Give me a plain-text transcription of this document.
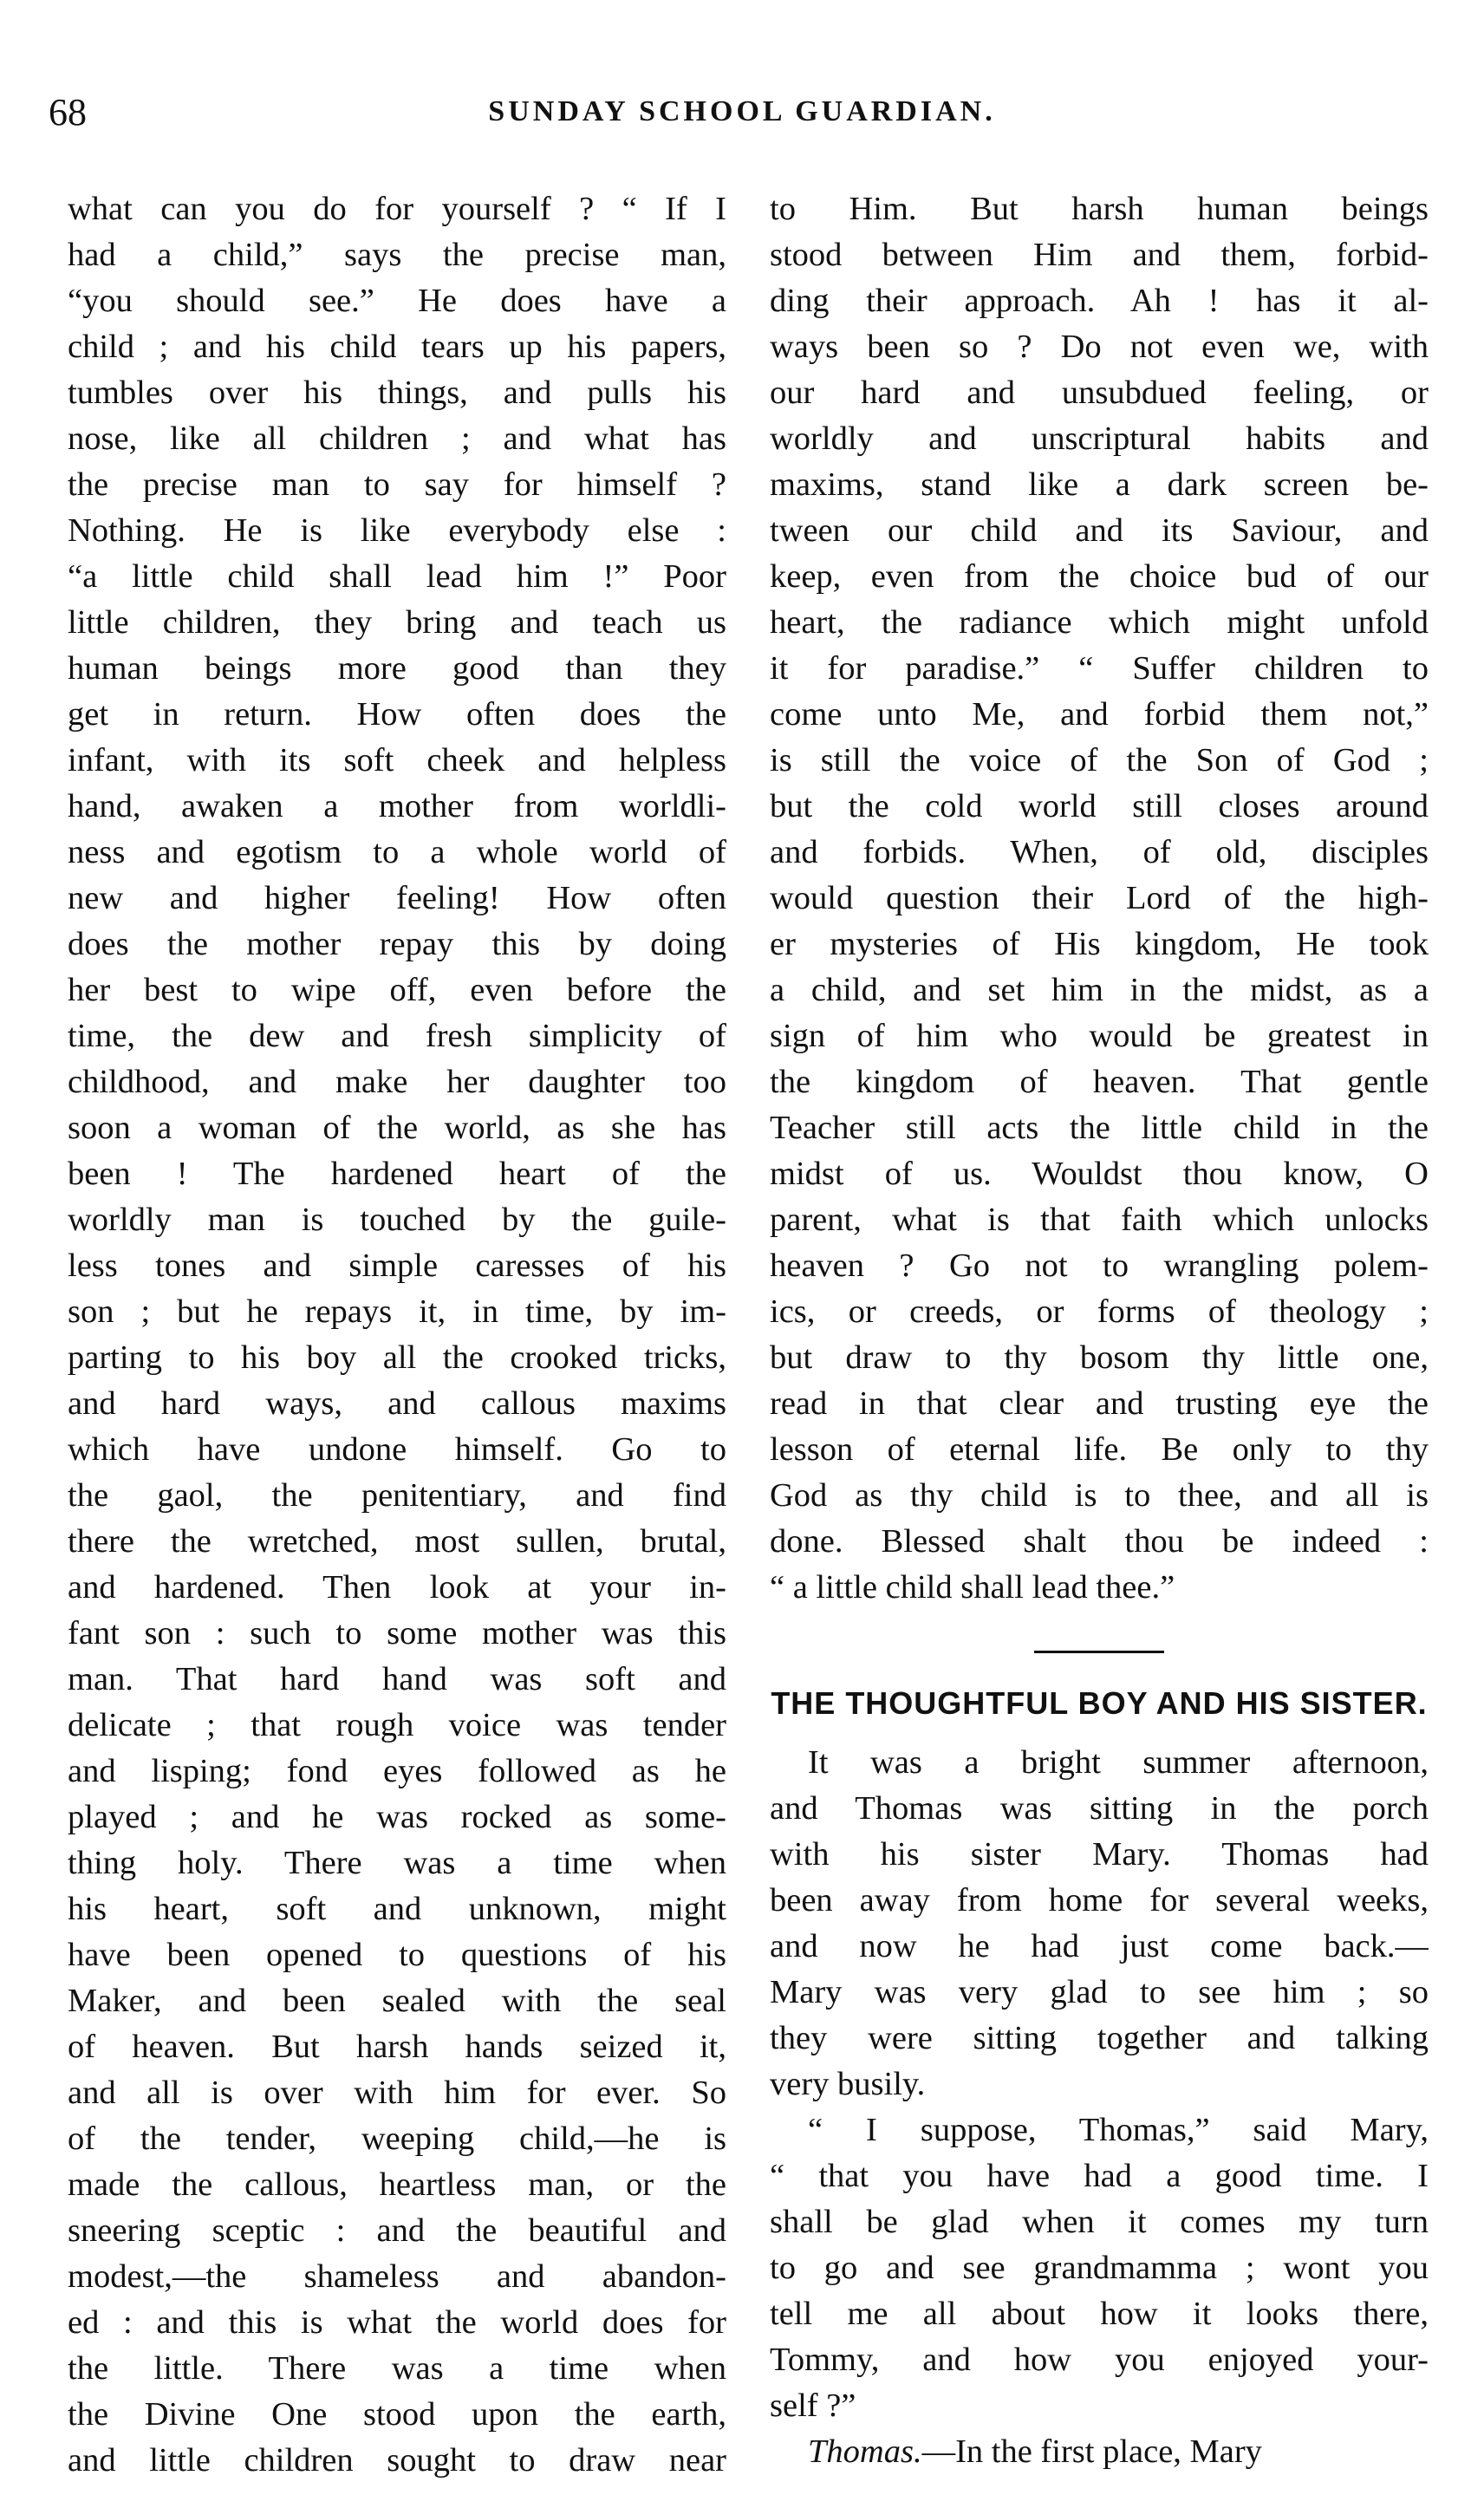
68	SUNDAY SCHOOL GUARDIAN.
what can you do for yourself ? “ If I
had a child,” says the precise man,
“you should see.” He does have a
child ; and his child tears up his papers,
tumbles over his things, and pulls his
nose, like all children ; and what has
the precise man to say for himself ?
Nothing. He is like everybody else :
“a little child shall lead him !” Poor
little children, they bring and teach us
human beings more good than they
get in return. How often does the
infant, with its soft cheek and helpless
hand, awaken a mother from worldli-
ness and egotism to a whole world of
new and higher feeling! How often
does the mother repay this by doing
her best to wipe off, even before the
time, the dew and fresh simplicity of
childhood, and make her daughter too
soon a woman of the world, as she has
been ! The hardened heart of the
worldly man is touched by the guile-
less tones and simple caresses of his
son ; but he repays it, in time, by im-
parting to his boy all the crooked tricks,
and hard ways, and callous maxims
which have undone himself. Go to
the gaol, the penitentiary, and find
there the wretched, most sullen, brutal,
and hardened. Then look at your in-
fant son : such to some mother was this
man. That hard hand was soft and
delicate ; that rough voice was tender
and lisping; fond eyes followed as he
played ; and he was rocked as some-
thing holy. There was a time when
his heart, soft and unknown, might
have been opened to questions of his
Maker, and been sealed with the seal
of heaven. But harsh hands seized it,
and all is over with him for ever. So
of the tender, weeping child,—he is
made the callous, heartless man, or the
sneering sceptic : and the beautiful and
modest,—the shameless and abandon-
ed : and this is what the world does for
the little. There was a time when
the Divine One stood upon the earth,
and little children sought to draw near
to Him. But harsh human beings
stood between Him and them, forbid-
ding their approach. Ah ! has it al-
ways been so ? Do not even we, with
our hard and unsubdued feeling, or
worldly and unscriptural habits and
maxims, stand like a dark screen be-
tween our child and its Saviour, and
keep, even from the choice bud of our
heart, the radiance which might unfold
it for paradise.” “ Suffer children to
come unto Me, and forbid them not,”
is still the voice of the Son of God ;
but the cold world still closes around
and forbids. When, of old, disciples
would question their Lord of the high-
er mysteries of His kingdom, He took
a child, and set him in the midst, as a
sign of him who would be greatest in
the kingdom of heaven. That gentle
Teacher still acts the little child in the
midst of us. Wouldst thou know, O
parent, what is that faith which unlocks
heaven ? Go not to wrangling polem-
ics, or creeds, or forms of theology ;
but draw to thy bosom thy little one,
read in that clear and trusting eye the
lesson of eternal life. Be only to thy
God as thy child is to thee, and all is
done. Blessed shalt thou be indeed :
“ a little child shall lead thee.”
THE THOUGHTFUL BOY AND HIS SISTER.
It was a bright summer afternoon,
and Thomas was sitting in the porch
with his sister Mary. Thomas had
been away from home for several weeks,
and now he had just come back.—
Mary was very glad to see him ; so
they were sitting together and talking
very busily.
“ I suppose, Thomas,” said Mary,
“ that you have had a good time. I
shall be glad when it comes my turn
to go and see grandmamma ; wont you
tell me all about how it looks there,
Tommy, and how you enjoyed your-
self ?”
Thomas.—In the first place, Mary
